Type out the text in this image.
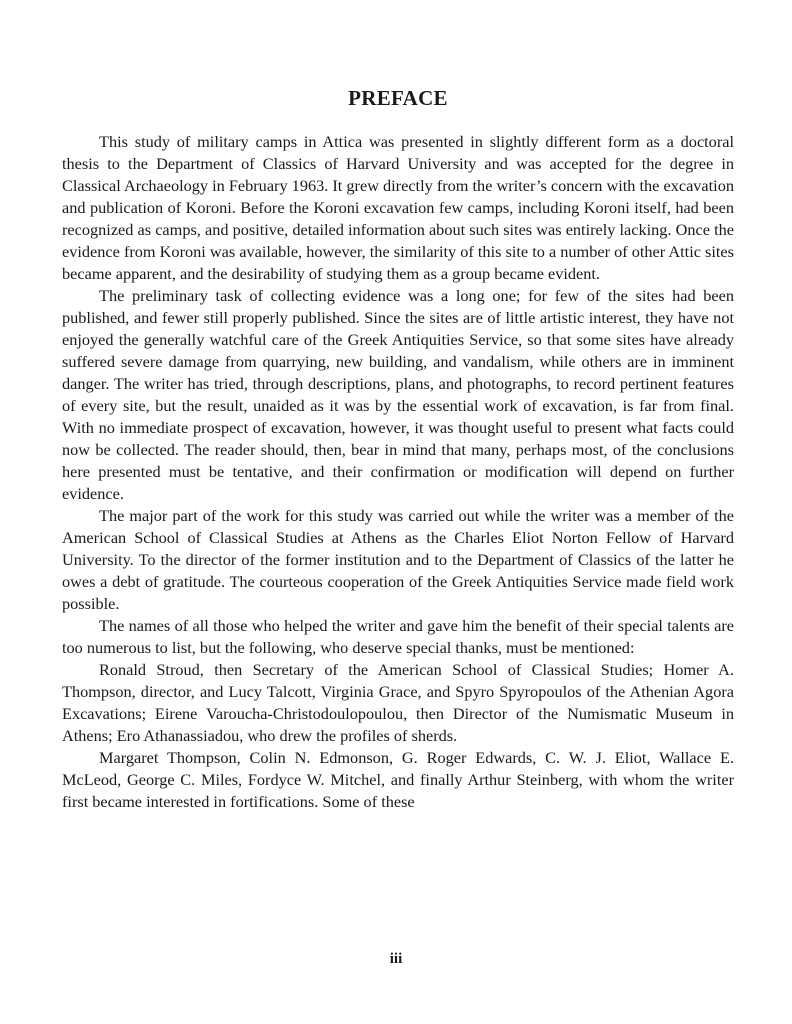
PREFACE

This study of military camps in Attica was presented in slightly different form as a doctoral thesis to the Department of Classics of Harvard University and was accepted for the degree in Classical Archaeology in February 1963. It grew directly from the writer’s concern with the excavation and publication of Koroni. Before the Koroni excavation few camps, including Koroni itself, had been recognized as camps, and positive, detailed information about such sites was entirely lacking. Once the evidence from Koroni was available, however, the similarity of this site to a number of other Attic sites became apparent, and the desirability of studying them as a group became evident.

The preliminary task of collecting evidence was a long one; for few of the sites had been published, and fewer still properly published. Since the sites are of little artistic interest, they have not enjoyed the generally watchful care of the Greek Antiquities Service, so that some sites have already suffered severe damage from quarrying, new building, and vandalism, while others are in imminent danger. The writer has tried, through descriptions, plans, and photographs, to record pertinent features of every site, but the result, unaided as it was by the essential work of excavation, is far from final. With no immediate prospect of excavation, however, it was thought useful to present what facts could now be collected. The reader should, then, bear in mind that many, perhaps most, of the conclusions here presented must be tentative, and their confirmation or modification will depend on further evidence.

The major part of the work for this study was carried out while the writer was a member of the American School of Classical Studies at Athens as the Charles Eliot Norton Fellow of Harvard University. To the director of the former institution and to the Department of Classics of the latter he owes a debt of gratitude. The courteous cooperation of the Greek Antiquities Service made field work possible.

The names of all those who helped the writer and gave him the benefit of their special talents are too numerous to list, but the following, who deserve special thanks, must be mentioned:

Ronald Stroud, then Secretary of the American School of Classical Studies; Homer A. Thompson, director, and Lucy Talcott, Virginia Grace, and Spyro Spyropoulos of the Athenian Agora Excavations; Eirene Varoucha-Christodoulopoulou, then Director of the Numismatic Museum in Athens; Ero Athanassiadou, who drew the profiles of sherds.

Margaret Thompson, Colin N. Edmonson, G. Roger Edwards, C. W. J. Eliot, Wallace E. McLeod, George C. Miles, Fordyce W. Mitchel, and finally Arthur Steinberg, with whom the writer first became interested in fortifications. Some of these

iii
